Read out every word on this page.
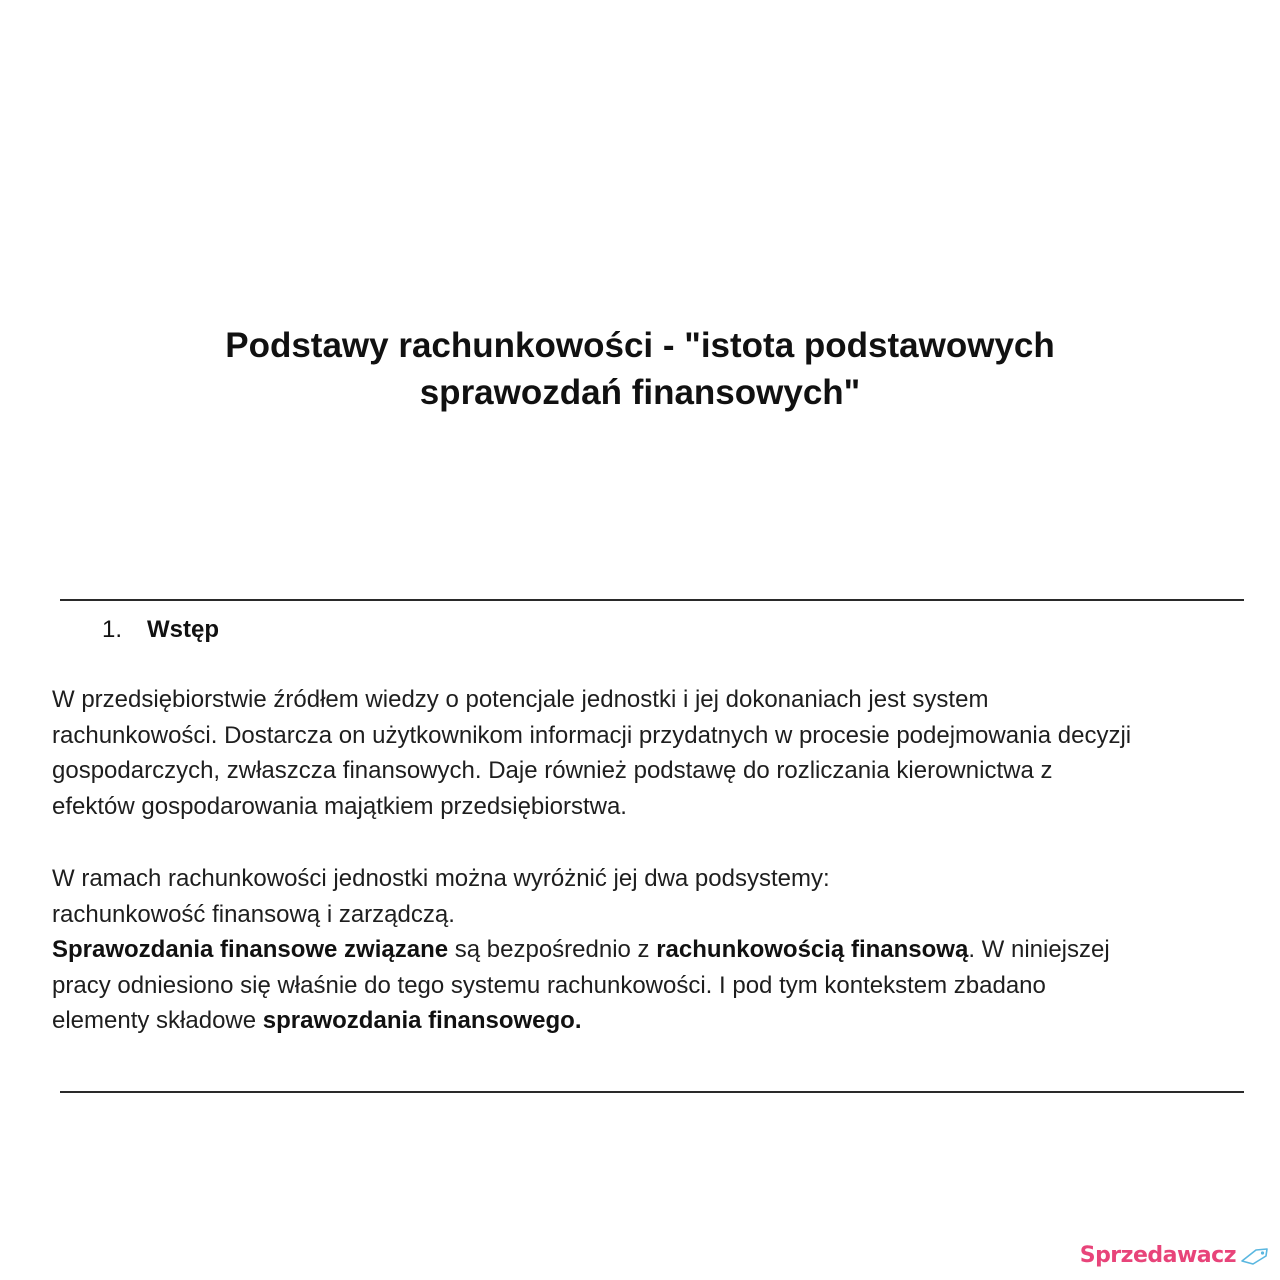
Podstawy rachunkowości - "istota podstawowych
sprawozdań finansowych"
1. Wstęp
W przedsiębiorstwie źródłem wiedzy o potencjale jednostki i jej dokonaniach jest system
rachunkowości. Dostarcza on użytkownikom informacji przydatnych w procesie podejmowania decyzji
gospodarczych, zwłaszcza finansowych. Daje również podstawę do rozliczania kierownictwa z
efektów gospodarowania majątkiem przedsiębiorstwa.
W ramach rachunkowości jednostki można wyróżnić jej dwa podsystemy:
rachunkowość finansową i zarządczą.
Sprawozdania finansowe związane są bezpośrednio z rachunkowością finansową. W niniejszej
pracy odniesiono się właśnie do tego systemu rachunkowości. I pod tym kontekstem zbadano
elementy składowe sprawozdania finansowego.
Sprzedawacz
